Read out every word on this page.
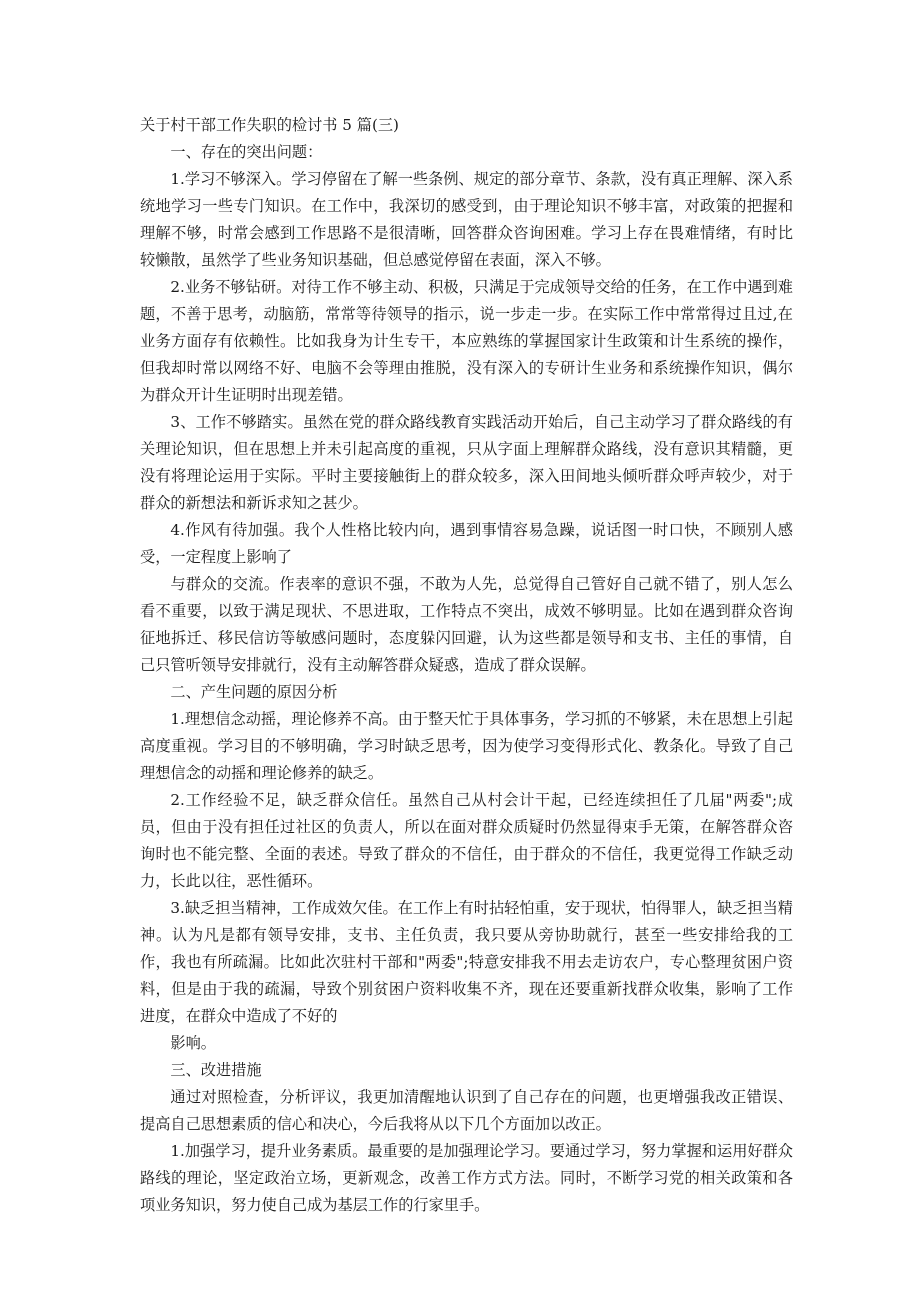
关于村干部工作失职的检讨书 5 篇(三)

一、存在的突出问题：

1.学习不够深入。学习停留在了解一些条例、规定的部分章节、条款，没有真正理解、深入系统地学习一些专门知识。在工作中，我深切的感受到，由于理论知识不够丰富，对政策的把握和理解不够，时常会感到工作思路不是很清晰，回答群众咨询困难。学习上存在畏难情绪，有时比较懒散，虽然学了些业务知识基础，但总感觉停留在表面，深入不够。

2.业务不够钻研。对待工作不够主动、积极，只满足于完成领导交给的任务，在工作中遇到难题，不善于思考，动脑筋，常常等待领导的指示，说一步走一步。在实际工作中常常得过且过,在业务方面存有依赖性。比如我身为计生专干，本应熟练的掌握国家计生政策和计生系统的操作，但我却时常以网络不好、电脑不会等理由推脱，没有深入的专研计生业务和系统操作知识，偶尔为群众开计生证明时出现差错。

3、工作不够踏实。虽然在党的群众路线教育实践活动开始后，自己主动学习了群众路线的有关理论知识，但在思想上并未引起高度的重视，只从字面上理解群众路线，没有意识其精髓，更没有将理论运用于实际。平时主要接触街上的群众较多，深入田间地头倾听群众呼声较少，对于群众的新想法和新诉求知之甚少。

4.作风有待加强。我个人性格比较内向，遇到事情容易急躁，说话图一时口快，不顾别人感受，一定程度上影响了

与群众的交流。作表率的意识不强，不敢为人先，总觉得自己管好自己就不错了，别人怎么看不重要，以致于满足现状、不思进取，工作特点不突出，成效不够明显。比如在遇到群众咨询征地拆迁、移民信访等敏感问题时，态度躲闪回避，认为这些都是领导和支书、主任的事情，自己只管听领导安排就行，没有主动解答群众疑惑，造成了群众误解。

二、产生问题的原因分析

1.理想信念动摇，理论修养不高。由于整天忙于具体事务，学习抓的不够紧，未在思想上引起高度重视。学习目的不够明确，学习时缺乏思考，因为使学习变得形式化、教条化。导致了自己理想信念的动摇和理论修养的缺乏。

2.工作经验不足，缺乏群众信任。虽然自己从村会计干起，已经连续担任了几届"两委";成员，但由于没有担任过社区的负责人，所以在面对群众质疑时仍然显得束手无策，在解答群众咨询时也不能完整、全面的表述。导致了群众的不信任，由于群众的不信任，我更觉得工作缺乏动力，长此以往，恶性循环。

3.缺乏担当精神，工作成效欠佳。在工作上有时拈轻怕重，安于现状，怕得罪人，缺乏担当精神。认为凡是都有领导安排，支书、主任负责，我只要从旁协助就行，甚至一些安排给我的工作，我也有所疏漏。比如此次驻村干部和"两委";特意安排我不用去走访农户，专心整理贫困户资料，但是由于我的疏漏，导致个别贫困户资料收集不齐，现在还要重新找群众收集，影响了工作进度，在群众中造成了不好的

影响。

三、改进措施

通过对照检查，分析评议，我更加清醒地认识到了自己存在的问题，也更增强我改正错误、提高自己思想素质的信心和决心，今后我将从以下几个方面加以改正。

1.加强学习，提升业务素质。最重要的是加强理论学习。要通过学习，努力掌握和运用好群众路线的理论，坚定政治立场，更新观念，改善工作方式方法。同时，不断学习党的相关政策和各项业务知识，努力使自己成为基层工作的行家里手。
